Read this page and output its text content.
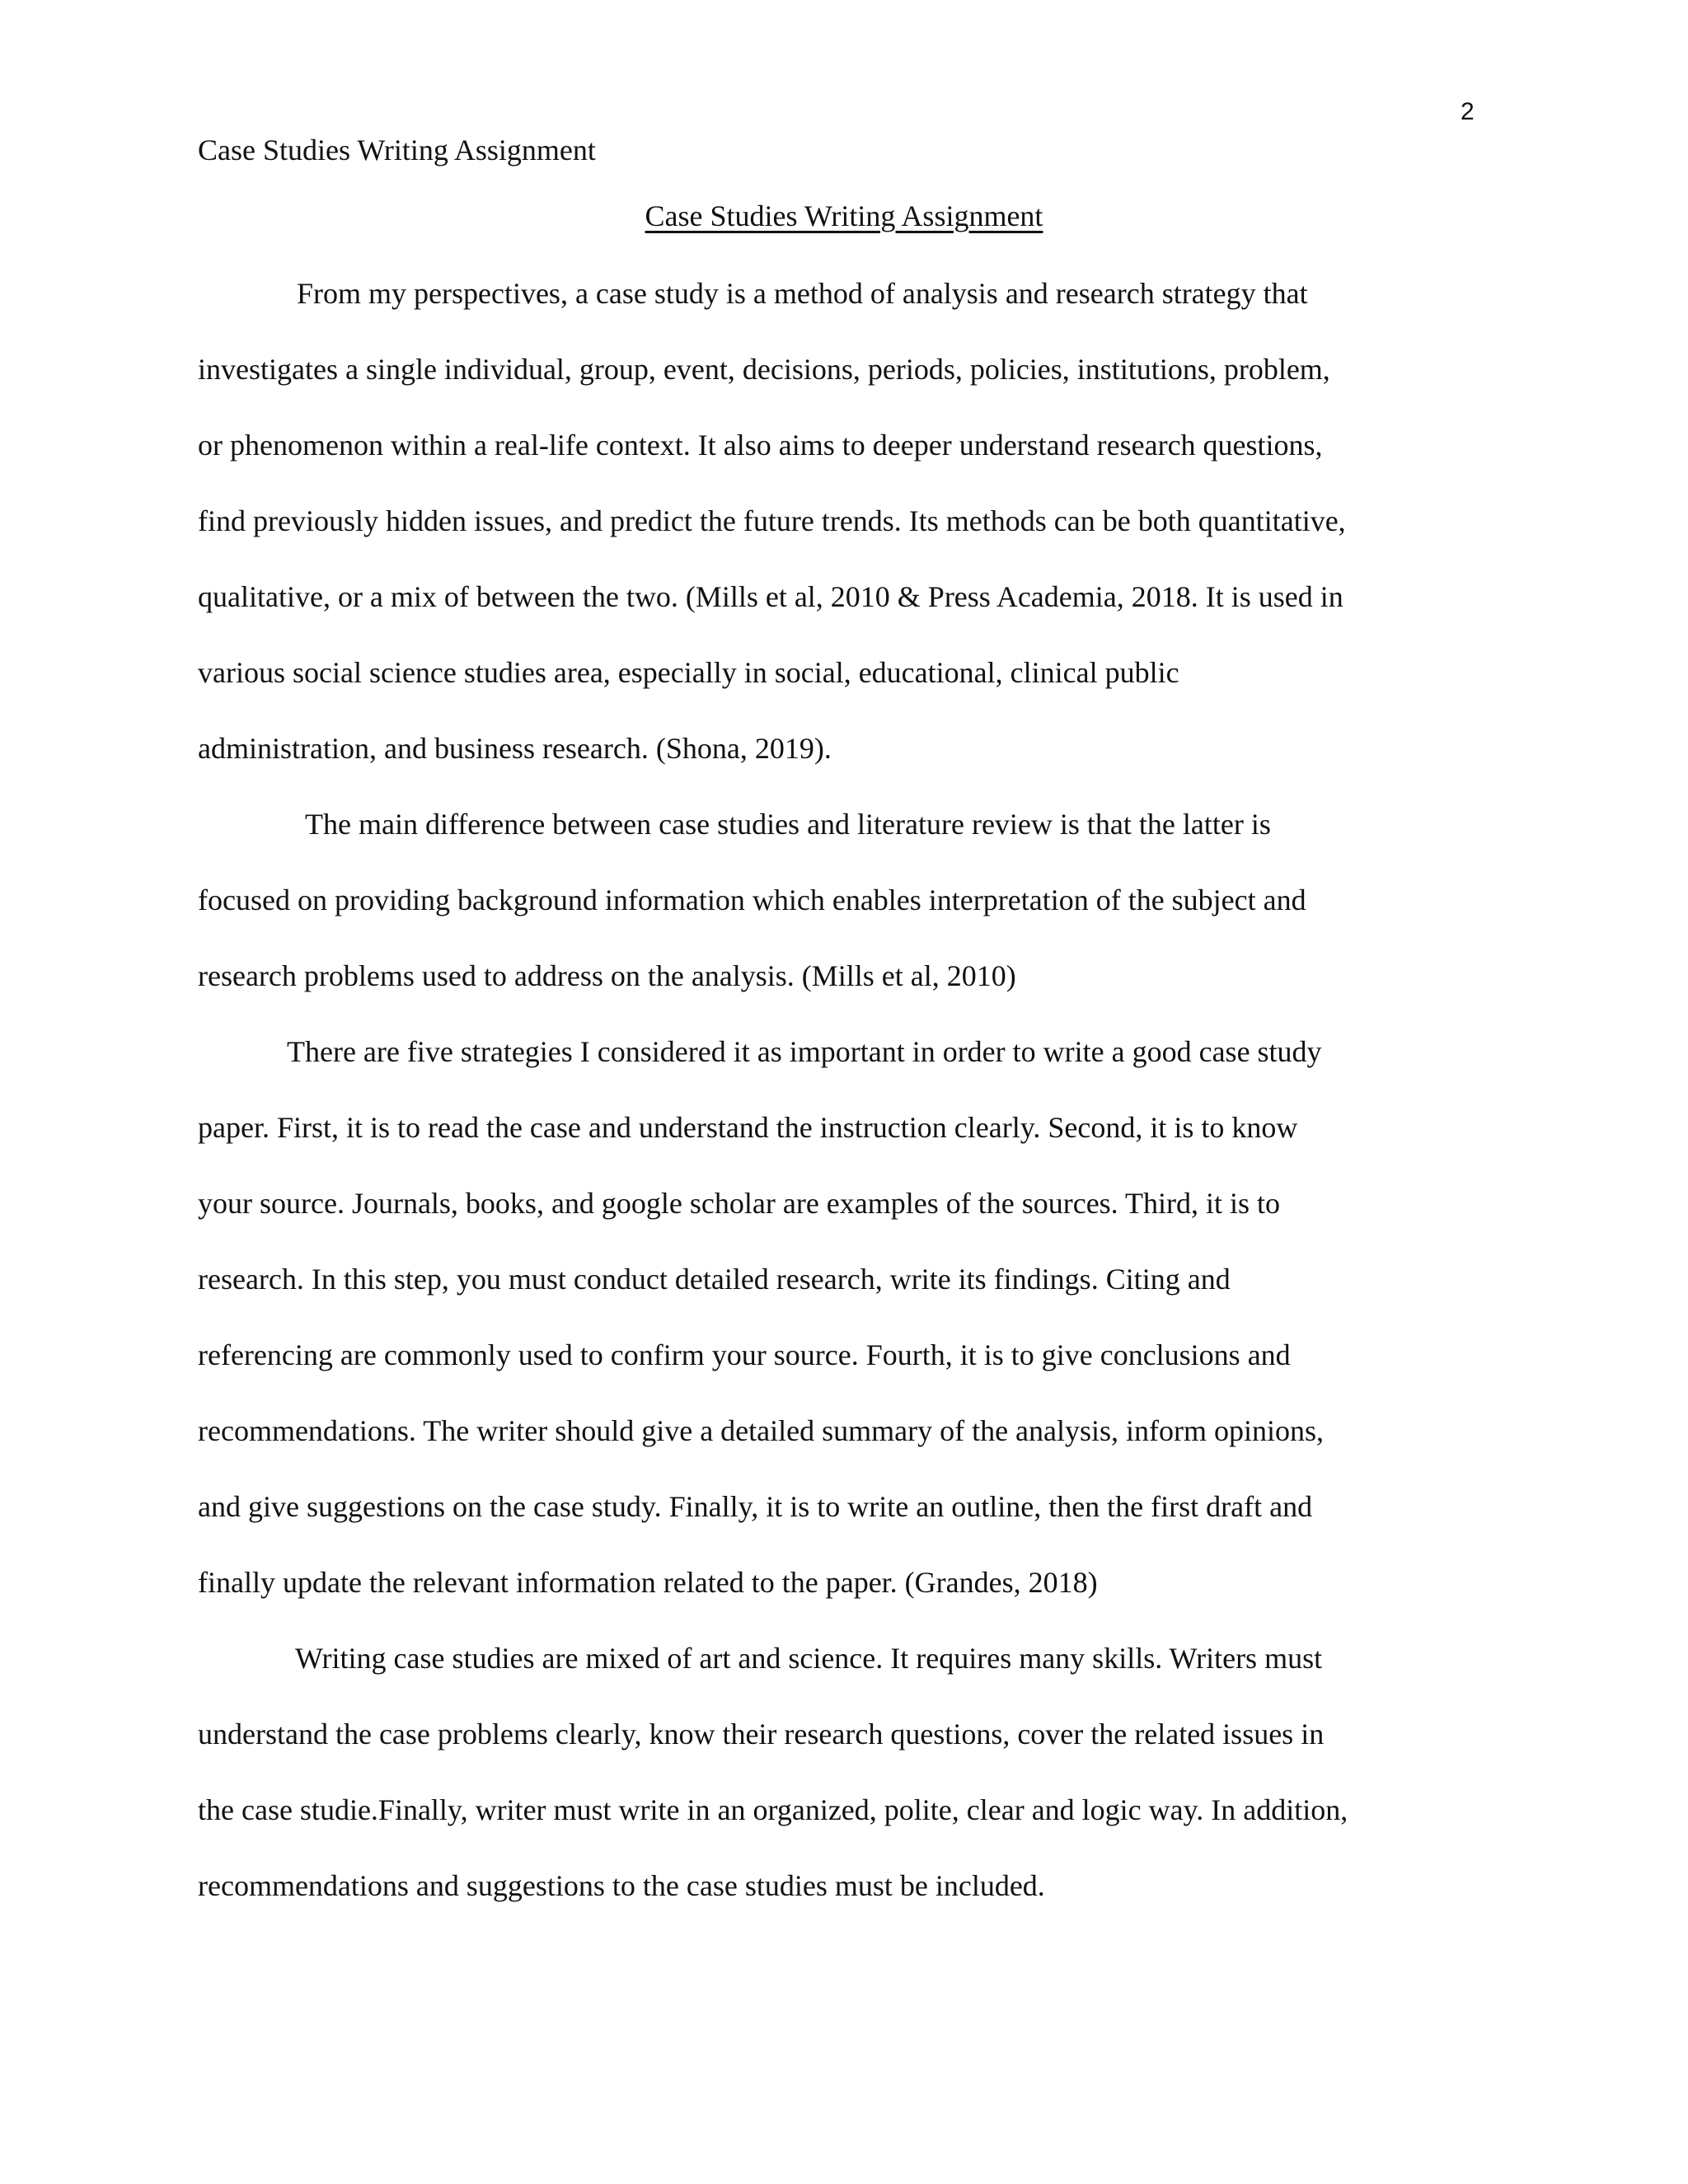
2
Case Studies Writing Assignment
Case Studies Writing Assignment
From my perspectives, a case study is a method of analysis and research strategy that
investigates a single individual, group, event, decisions, periods, policies, institutions, problem,
or phenomenon within a real-life context. It also aims to deeper understand research questions,
find previously hidden issues, and predict the future trends. Its methods can be both quantitative,
qualitative, or a mix of between the two. (Mills et al, 2010 & Press Academia, 2018. It is used in
various social science studies area, especially in social, educational, clinical public
administration, and business research. (Shona, 2019).
The main difference between case studies and literature review is that the latter is
focused on providing background information which enables interpretation of the subject and
research problems used to address on the analysis. (Mills et al, 2010)
There are five strategies I considered it as important in order to write a good case study
paper. First, it is to read the case and understand the instruction clearly. Second, it is to know
your source. Journals, books, and google scholar are examples of the sources. Third, it is to
research. In this step, you must conduct detailed research, write its findings. Citing and
referencing are commonly used to confirm your source. Fourth, it is to give conclusions and
recommendations. The writer should give a detailed summary of the analysis, inform opinions,
and give suggestions on the case study. Finally, it is to write an outline, then the first draft and
finally update the relevant information related to the paper. (Grandes, 2018)
Writing case studies are mixed of art and science. It requires many skills. Writers must
understand the case problems clearly, know their research questions, cover the related issues in
the case studie.Finally, writer must write in an organized, polite, clear and logic way. In addition,
recommendations and suggestions to the case studies must be included.
